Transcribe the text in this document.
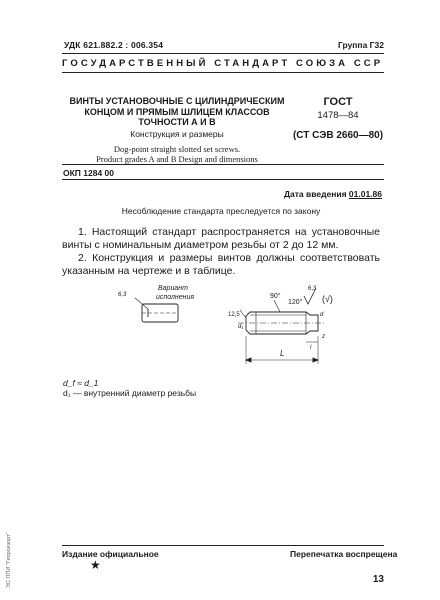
УДК 621.882.2 : 006.354	Группа Г32
ГОСУДАРСТВЕННЫЙ СТАНДАРТ СОЮЗА ССР
ВИНТЫ УСТАНОВОЧНЫЕ С ЦИЛИНДРИЧЕСКИМ
КОНЦОМ И ПРЯМЫМ ШЛИЦЕМ КЛАССОВ
ТОЧНОСТИ А И В
Конструкция и размеры
Dog-point straight slotted set screws.
Product grades A and B Design and dimensions
ГОСТ
1478—84
(СТ СЭВ 2660—80)
ОКП 1284 00
Дата введения 01.01.86
Несоблюдение стандарта преследуется по закону
1. Настоящий стандарт распространяется на установочные винты с номинальным диаметром резьбы от 2 до 12 мм.
2. Конструкция и размеры винтов должны соответствовать указанным на чертеже и в таблице.
6,3
Вариант
исполнения	90°
120°
6,3
(√)
12,5
d₁
d
z
L
l
d_f ≈ d_1
d₁ — внутренний диаметр резьбы
Издание официальное
★
Перепечатка воспрещена
13
ЭС ППИ "Гипроизорт"
